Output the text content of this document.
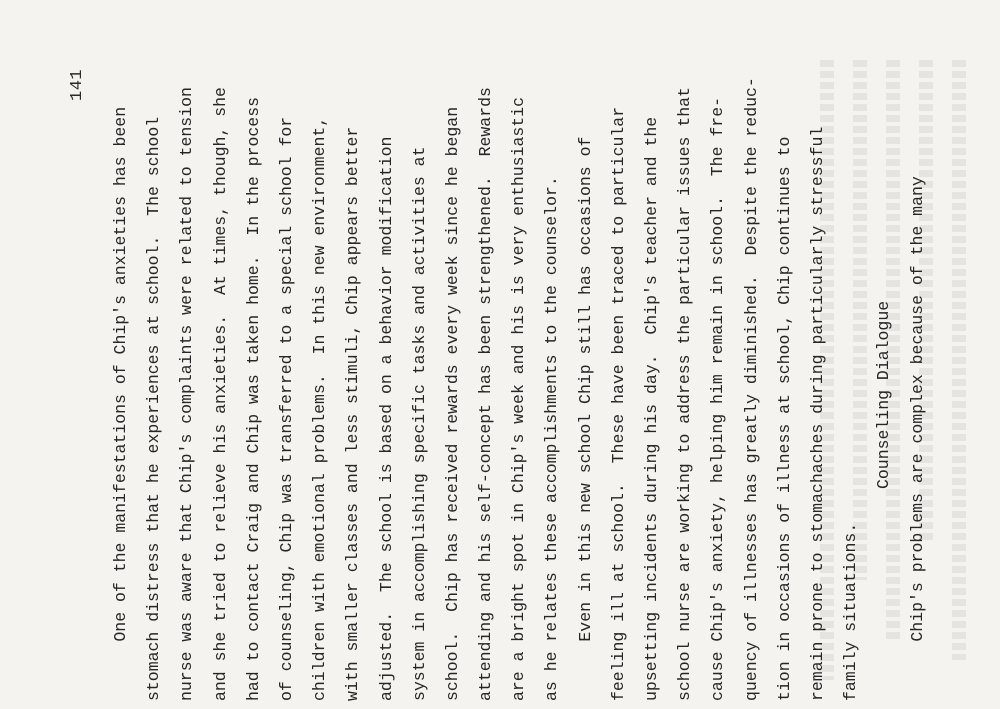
141
One of the manifestations of Chip's anxieties has been stomach distress that he experiences at school.  The school nurse was aware that Chip's complaints were related to tension and she tried to relieve his anxieties.  At times, though, she had to contact Craig and Chip was taken home.  In the process of counseling, Chip was transferred to a special school for children with emotional problems.  In this new environment, with smaller classes and less stimuli, Chip appears better adjusted.  The school is based on a behavior modification system in accomplishing specific tasks and activities at school.  Chip has received rewards every week since he began attending and his self-concept has been strengthened.  Rewards are a bright spot in Chip's week and his is very enthusiastic as he relates these accomplishments to the counselor. Even in this new school Chip still has occasions of feeling ill at school.  These have been traced to particular upsetting incidents during his day.  Chip's teacher and the school nurse are working to address the particular issues that cause Chip's anxiety, helping him remain in school.  The fre- quency of illnesses has greatly diminished.  Despite the reduc- tion in occasions of illness at school, Chip continues to remain prone to stomachaches during particularly stressful family situations.
Counseling Dialogue Chip's problems are complex because of the many
